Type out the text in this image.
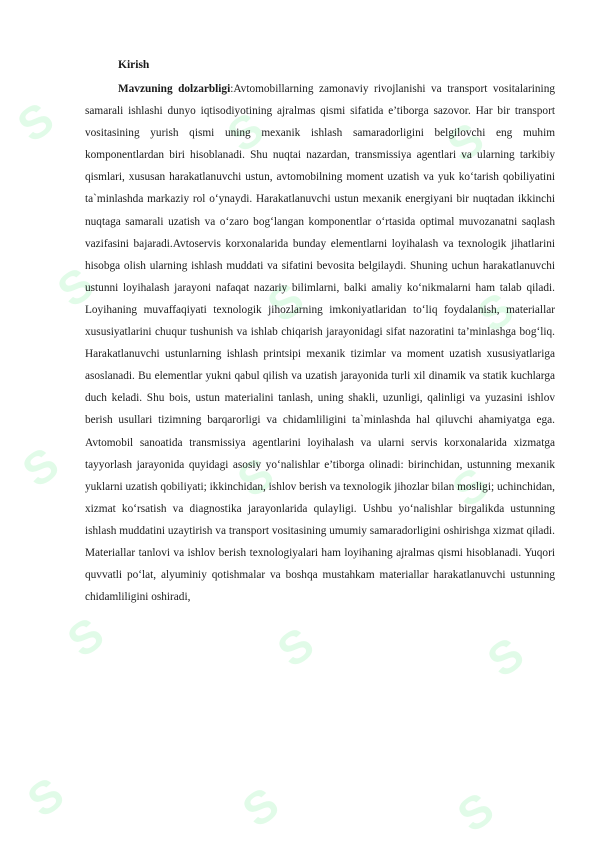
S	S	S
S	S	S
S	S	S
S	S	S
S	S	S
Kirish

Mavzuning dolzarbligi:Avtomobillarning zamonaviy rivojlanishi va transport vositalarining samarali ishlashi dunyo iqtisodiyotining ajralmas qismi sifatida e’tiborga sazovor. Har bir transport vositasining yurish qismi uning mexanik ishlash samaradorligini belgilovchi eng muhim komponentlardan biri hisoblanadi. Shu nuqtai nazardan, transmissiya agentlari va ularning tarkibiy qismlari, xususan harakatlanuvchi ustun, avtomobilning moment uzatish va yuk ko‘tarish qobiliyatini ta`minlashda markaziy rol o‘ynaydi. Harakatlanuvchi ustun mexanik energiyani bir nuqtadan ikkinchi nuqtaga samarali uzatish va o‘zaro bog‘langan komponentlar o‘rtasida optimal muvozanatni saqlash vazifasini bajaradi.Avtoservis korxonalarida bunday elementlarni loyihalash va texnologik jihatlarini hisobga olish ularning ishlash muddati va sifatini bevosita belgilaydi. Shuning uchun harakatlanuvchi ustunni loyihalash jarayoni nafaqat nazariy bilimlarni, balki amaliy ko‘nikmalarni ham talab qiladi. Loyihaning muvaffaqiyati texnologik jihozlarning imkoniyatlaridan to‘liq foydalanish, materiallar xususiyatlarini chuqur tushunish va ishlab chiqarish jarayonidagi sifat nazoratini ta’minlashga bog‘liq. Harakatlanuvchi ustunlarning ishlash printsipi mexanik tizimlar va moment uzatish xususiyatlariga asoslanadi. Bu elementlar yukni qabul qilish va uzatish jarayonida turli xil dinamik va statik kuchlarga duch keladi. Shu bois, ustun materialini tanlash, uning shakli, uzunligi, qalinligi va yuzasini ishlov berish usullari tizimning barqarorligi va chidamliligini ta`minlashda hal qiluvchi ahamiyatga ega. Avtomobil sanoatida transmissiya agentlarini loyihalash va ularni servis korxonalarida xizmatga tayyorlash jarayonida quyidagi asosiy yo‘nalishlar e’tiborga olinadi: birinchidan, ustunning mexanik yuklarni uzatish qobiliyati; ikkinchidan, ishlov berish va texnologik jihozlar bilan mosligi; uchinchidan, xizmat ko‘rsatish va diagnostika jarayonlarida qulayligi. Ushbu yo‘nalishlar birgalikda ustunning ishlash muddatini uzaytirish va transport vositasining umumiy samaradorligini oshirishga xizmat qiladi. Materiallar tanlovi va ishlov berish texnologiyalari ham loyihaning ajralmas qismi hisoblanadi. Yuqori quvvatli po‘lat, alyuminiy qotishmalar va boshqa mustahkam materiallar harakatlanuvchi ustunning chidamliligini oshiradi,
